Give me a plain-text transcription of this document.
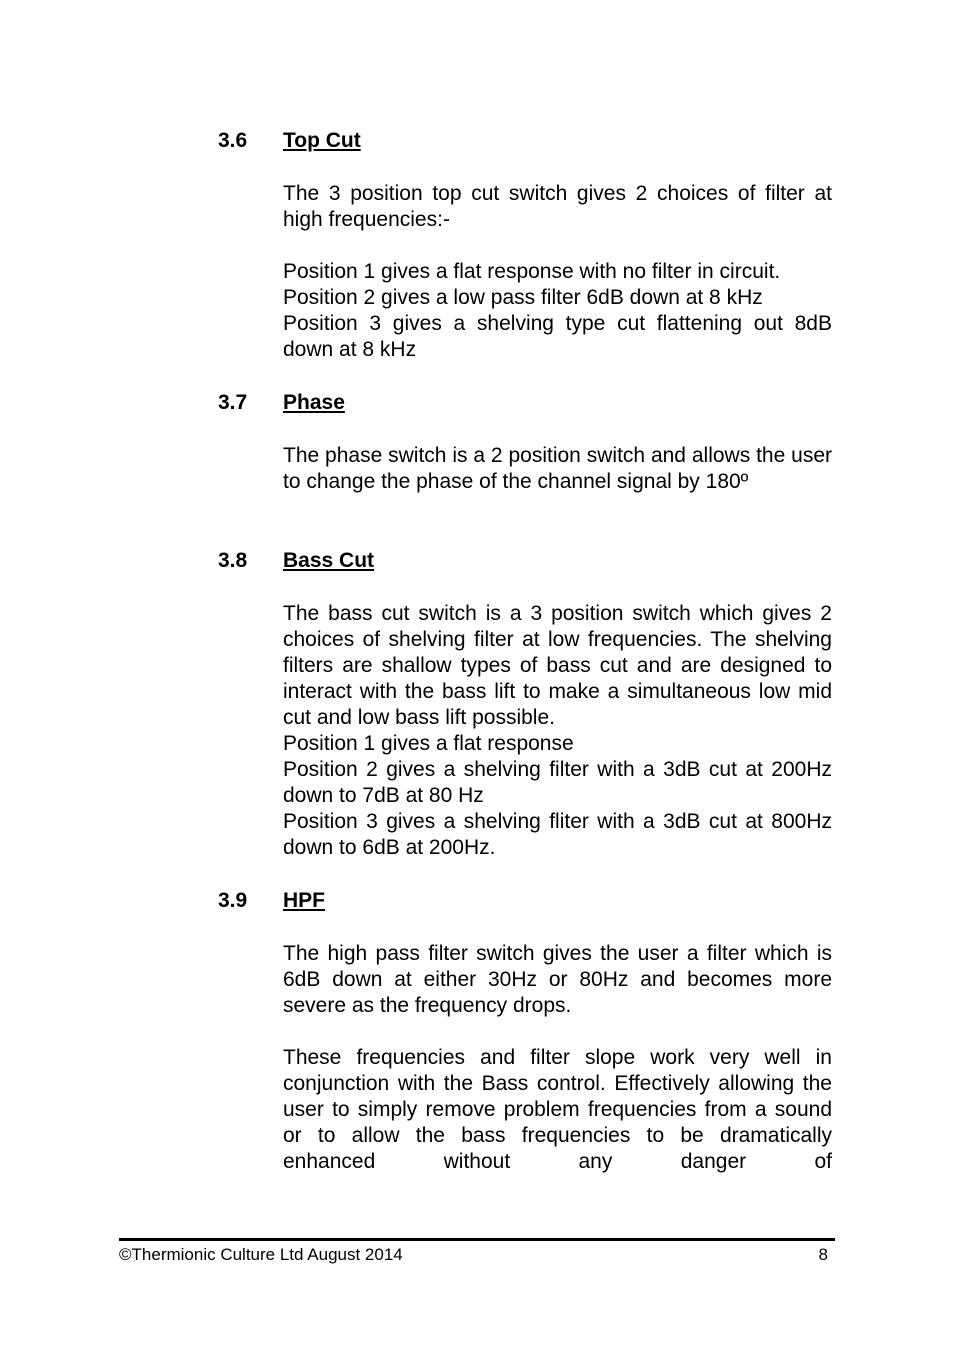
3.6 Top Cut

The 3 position top cut switch gives 2 choices of filter at high frequencies:-

Position 1 gives a flat response with no filter in circuit.
Position 2 gives a low pass filter 6dB down at 8 kHz
Position 3 gives a shelving type cut flattening out 8dB down at 8 kHz
3.7 Phase

The phase switch is a 2 position switch and allows the user to change the phase of the channel signal by 180º

3.8 Bass Cut
The bass cut switch is a 3 position switch which gives 2 choices of shelving filter at low frequencies. The shelving filters are shallow types of bass cut and are designed to interact with the bass lift to make a simultaneous low mid cut and low bass lift possible.
Position 1 gives a flat response
Position 2 gives a shelving filter with a 3dB cut at 200Hz down to 7dB at 80 Hz
Position 3 gives a shelving fliter with a 3dB cut at 800Hz down to 6dB at 200Hz.
3.9 HPF

The high pass filter switch gives the user a filter which is 6dB down at either 30Hz or 80Hz and becomes more severe as the frequency drops.

These frequencies and filter slope work very well in conjunction with the Bass control. Effectively allowing the user to simply remove problem frequencies from a sound or to allow the bass frequencies to be dramatically enhanced without any danger of

©Thermionic Culture Ltd August 2014	8
